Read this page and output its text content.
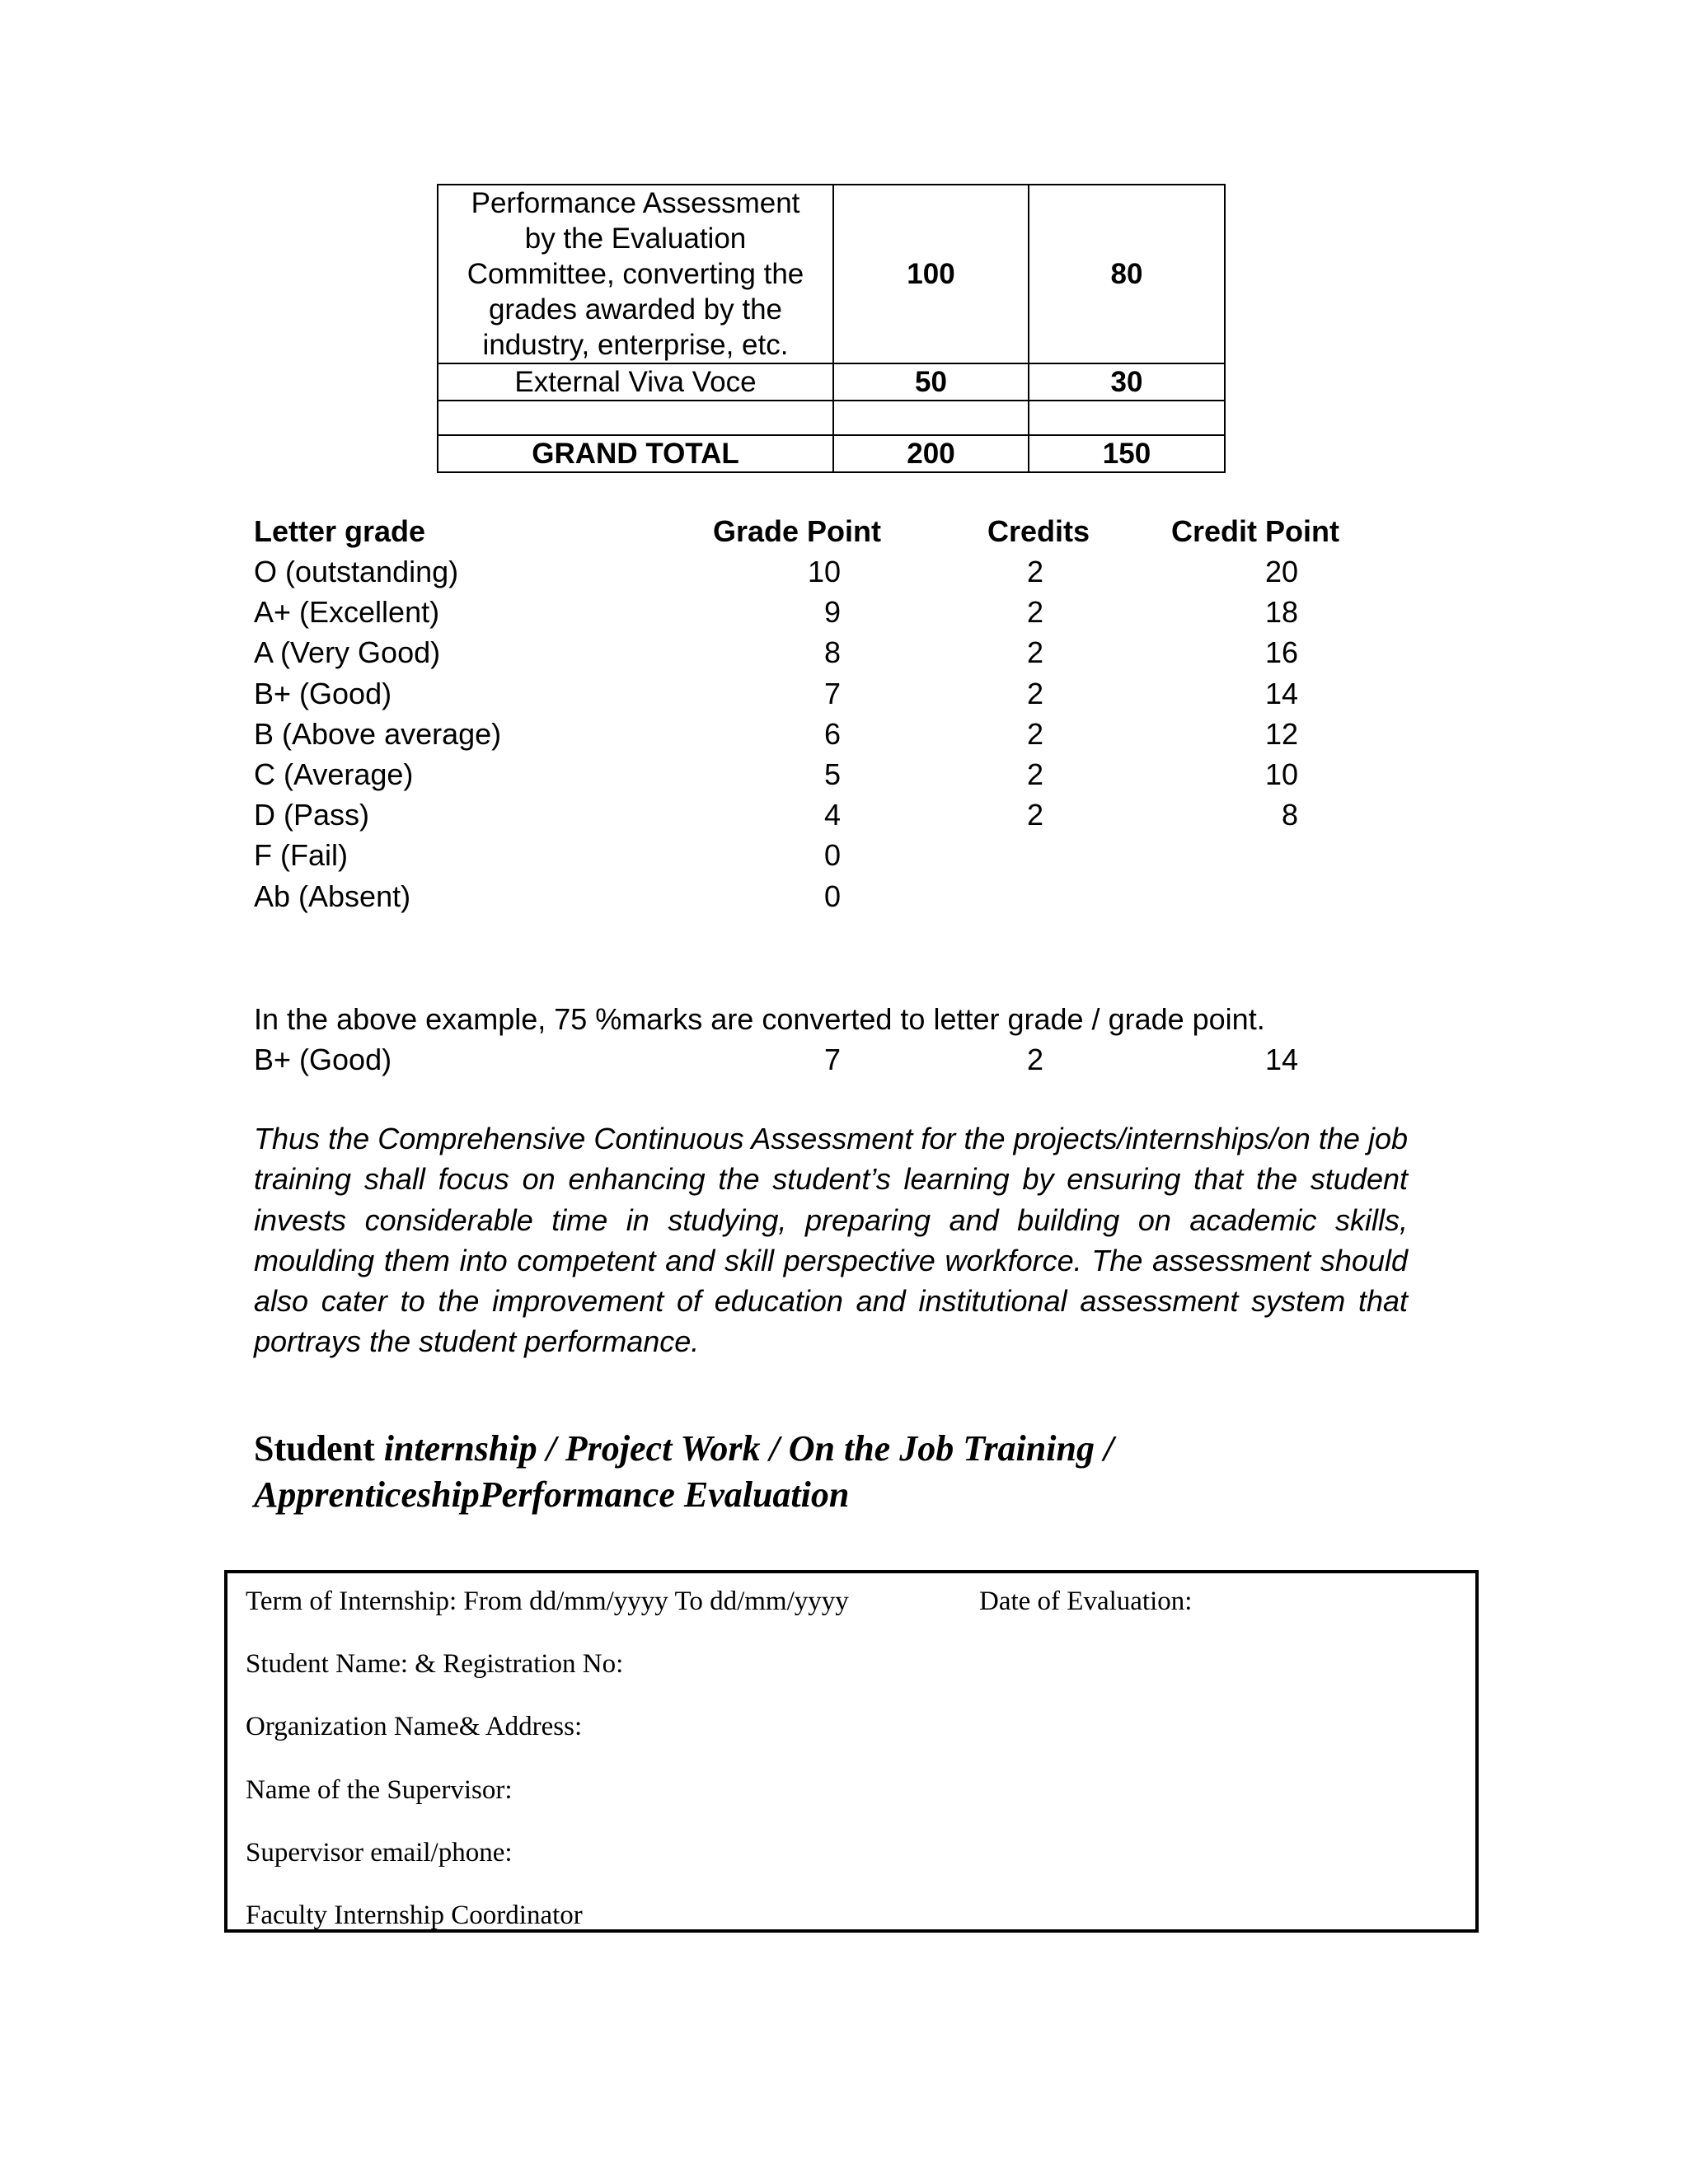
Performance Assessment
by the Evaluation
Committee, converting the
grades awarded by the
industry, enterprise, etc.	100	80
External Viva Voce	50	30

GRAND TOTAL	200	150
Letter grade	Grade Point	Credits	Credit Point
O (outstanding)	10	2	20
A+ (Excellent)	9	2	18
A (Very Good)	8	2	16
B+ (Good)	7	2	14
B (Above average)	6	2	12
C (Average)	5	2	10
D (Pass)	4	2	8
F (Fail)	0
Ab (Absent)	0
In the above example, 75 %marks are converted to letter grade / grade point.
B+ (Good)	7	2	14
Thus the Comprehensive Continuous Assessment for the projects/internships/on the job training shall focus on enhancing the student’s learning by ensuring that the student invests considerable time in studying, preparing and building on academic skills, moulding them into competent and skill perspective workforce. The assessment should also cater to the improvement of education and institutional assessment system that portrays the student performance.
Student internship / Project Work / On the Job Training /
ApprenticeshipPerformance Evaluation
Term of Internship: From dd/mm/yyyy To dd/mm/yyyy	Date of Evaluation:
Student Name: & Registration No:
Organization Name& Address:
Name of the Supervisor:
Supervisor email/phone:
Faculty Internship Coordinator
